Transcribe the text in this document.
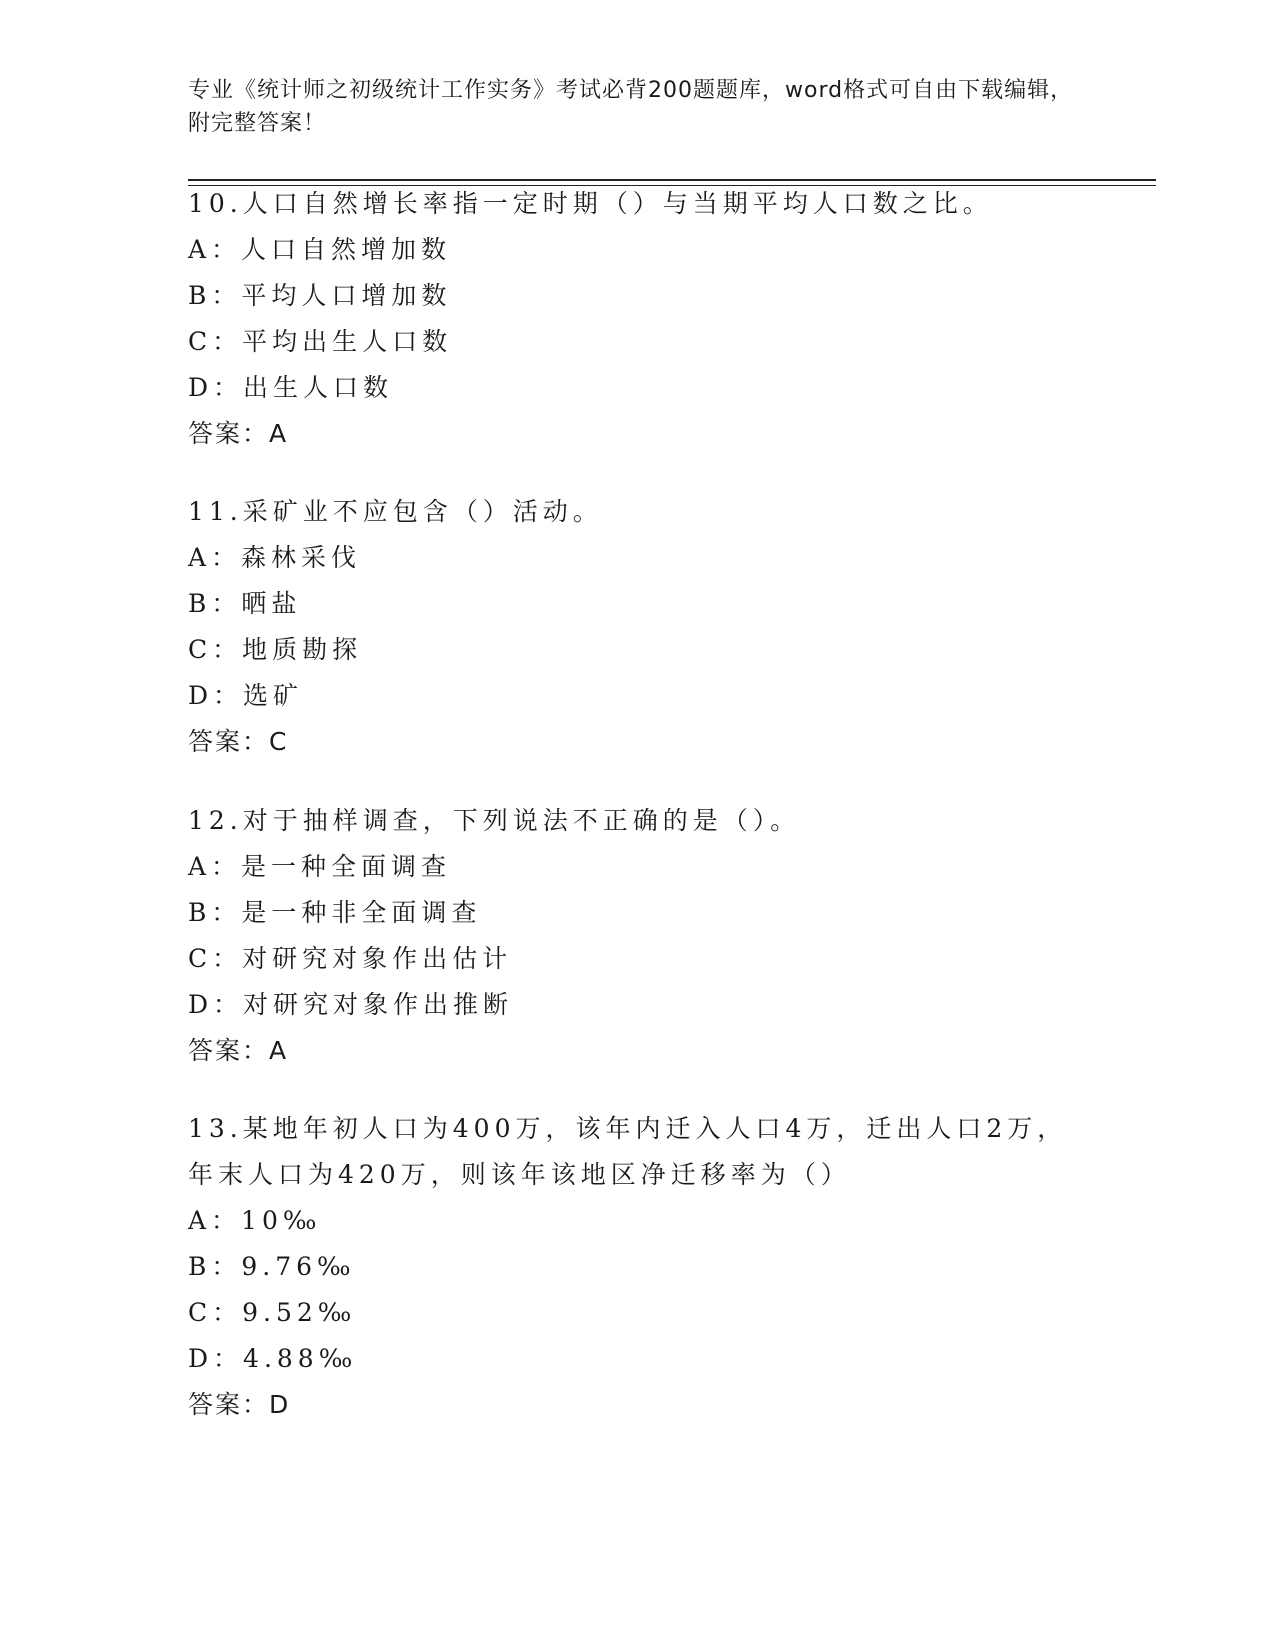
专业《统计师之初级统计工作实务》考试必背200题题库，word格式可自由下载编辑，附完整答案！
10.人口自然增长率指一定时期（）与当期平均人口数之比。
A：人口自然增加数
B：平均人口增加数
C：平均出生人口数
D：出生人口数
答案：A
11.采矿业不应包含（）活动。
A：森林采伐
B：晒盐
C：地质勘探
D：选矿
答案：C
12.对于抽样调查，下列说法不正确的是（）。
A：是一种全面调查
B：是一种非全面调查
C：对研究对象作出估计
D：对研究对象作出推断
答案：A
13.某地年初人口为400万，该年内迁入人口4万，迁出人口2万，年末人口为420万，则该年该地区净迁移率为（）
A：10‰
B：9.76‰
C：9.52‰
D：4.88‰
答案：D
